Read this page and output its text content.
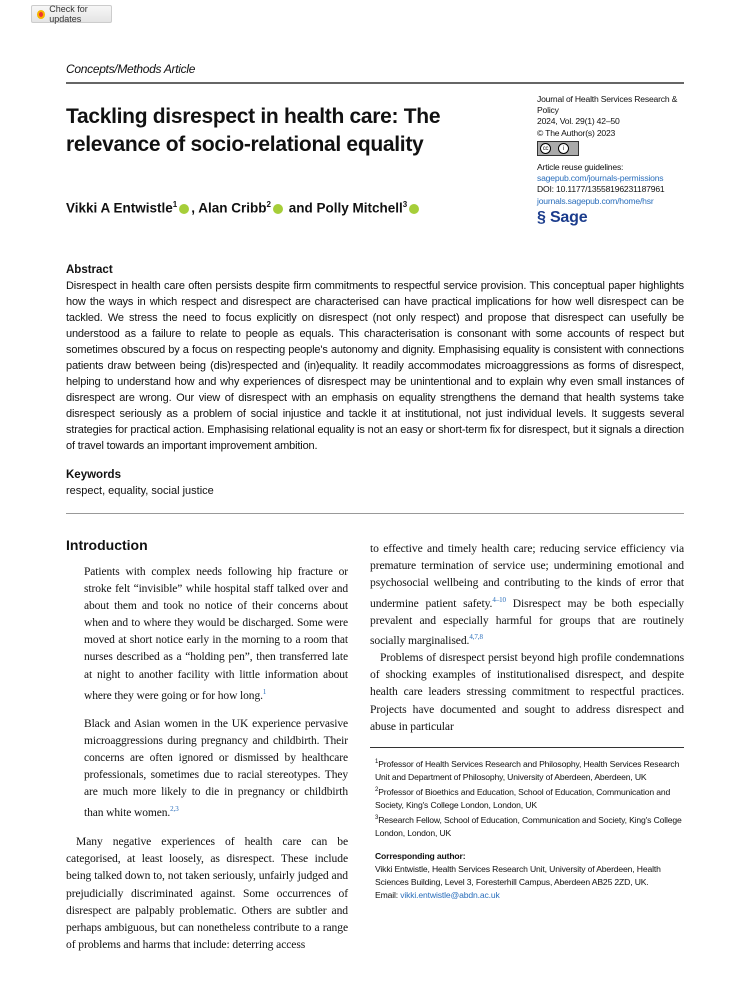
Check for updates
Concepts/Methods Article
Tackling disrespect in health care: The relevance of socio-relational equality
Journal of Health Services Research & Policy
2024, Vol. 29(1) 42–50
© The Author(s) 2023
cc	i
Article reuse guidelines:
sagepub.com/journals-permissions
DOI: 10.1177/13558196231187961
journals.sagepub.com/home/hsr
§ Sage
Vikki A Entwistle$^1$ , Alan Cribb$^2$ and Polly Mitchell$^3$
Abstract

Disrespect in health care often persists despite firm commitments to respectful service provision. This conceptual paper highlights how the ways in which respect and disrespect are characterised can have practical implications for how well disrespect can be tackled. We stress the need to focus explicitly on disrespect (not only respect) and propose that disrespect can usefully be understood as a failure to relate to people as equals. This characterisation is consonant with some accounts of respect but sometimes obscured by a focus on respecting people's autonomy and dignity. Emphasising equality is consistent with connections patients draw between being (dis)respected and (in)equality. It readily accommodates microaggressions as forms of disrespect, helping to understand how and why experiences of disrespect may be unintentional and to explain why even small instances of disrespect are wrong. Our view of disrespect with an emphasis on equality strengthens the demand that health systems take disrespect seriously as a problem of social injustice and tackle it at institutional, not just individual levels. It suggests several strategies for practical action. Emphasising relational equality is not an easy or short-term fix for disrespect, but it signals a direction of travel towards an important improvement ambition.

Keywords
respect, equality, social justice
Introduction

Patients with complex needs following hip fracture or stroke felt “invisible” while hospital staff talked over and about them and took no notice of their concerns about when and to where they would be discharged. Some were moved at short notice early in the morning to a room that nurses described as a “holding pen”, then transferred late at night to another facility with little information about where they were going or for how long.$^1$

Black and Asian women in the UK experience pervasive microaggressions during pregnancy and childbirth. Their concerns are often ignored or dismissed by healthcare professionals, sometimes due to racial stereotypes. They are much more likely to die in pregnancy or childbirth than white women.$^{2,3}$

Many negative experiences of health care can be categorised, at least loosely, as disrespect. These include being talked down to, not taken seriously, unfairly judged and prejudicially discriminated against. Some occurrences of disrespect are palpably problematic. Others are subtler and perhaps ambiguous, but can nonetheless contribute to a range of problems and harms that include: deterring access

to effective and timely health care; reducing service efficiency via premature termination of service use; undermining emotional and psychosocial wellbeing and contributing to the kinds of error that undermine patient safety.$^{4-10}$ Disrespect may be both especially prevalent and especially harmful for groups that are routinely socially marginalised.$^{4,7,8}$

Problems of disrespect persist beyond high profile condemnations of shocking examples of institutionalised disrespect, and despite health care leaders stressing commitment to respectful practices. Projects have documented and sought to address disrespect and abuse in particular

$^1$Professor of Health Services Research and Philosophy, Health Services Research Unit and Department of Philosophy, University of Aberdeen, Aberdeen, UK
$^2$Professor of Bioethics and Education, School of Education, Communication and Society, King's College London, London, UK
$^3$Research Fellow, School of Education, Communication and Society, King's College London, London, UK
Corresponding author:
Vikki Entwistle, Health Services Research Unit, University of Aberdeen, Health Sciences Building, Level 3, Foresterhill Campus, Aberdeen AB25 2ZD, UK.
Email: vikki.entwistle@abdn.ac.uk
